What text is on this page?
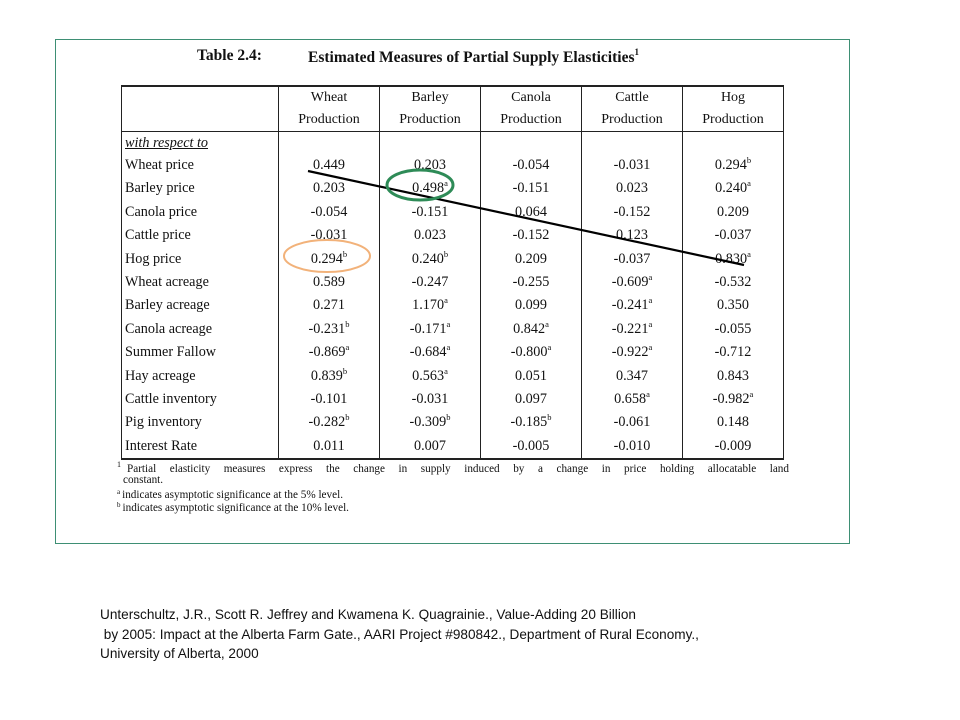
Table 2.4:	Estimated Measures of Partial Supply Elasticities$^1$
	Wheat	Barley	Canola	Cattle	Hog
	Production	Production	Production	Production	Production
with respect to					
Wheat price	0.449	0.203	-0.054	-0.031	0.294$^b$
Barley price	0.203	0.498$^a$	-0.151	0.023	0.240$^a$
Canola price	-0.054	-0.151	0.064	-0.152	0.209
Cattle price	-0.031	0.023	-0.152	0.123	-0.037
Hog price	0.294$^b$	0.240$^b$	0.209	-0.037	0.830$^a$
Wheat acreage	0.589	-0.247	-0.255	-0.609$^a$	-0.532
Barley acreage	0.271	1.170$^a$	0.099	-0.241$^a$	0.350
Canola acreage	-0.231$^b$	-0.171$^a$	0.842$^a$	-0.221$^a$	-0.055
Summer Fallow	-0.869$^a$	-0.684$^a$	-0.800$^a$	-0.922$^a$	-0.712
Hay acreage	0.839$^b$	0.563$^a$	0.051	0.347	0.843
Cattle inventory	-0.101	-0.031	0.097	0.658$^a$	-0.982$^a$
Pig inventory	-0.282$^b$	-0.309$^b$	-0.185$^b$	-0.061	0.148
Interest Rate	0.011	0.007	-0.005	-0.010	-0.009
$^1$ Partial elasticity measures express the change in supply induced by a change in price holding allocatable land
constant.
$^a$ indicates asymptotic significance at the 5% level.
$^b$ indicates asymptotic significance at the 10% level.
Unterschultz, J.R., Scott R. Jeffrey and Kwamena K. Quagrainie., Value-Adding 20 Billion
by 2005: Impact at the Alberta Farm Gate., AARI Project #980842., Department of Rural Economy.,
University of Alberta, 2000
